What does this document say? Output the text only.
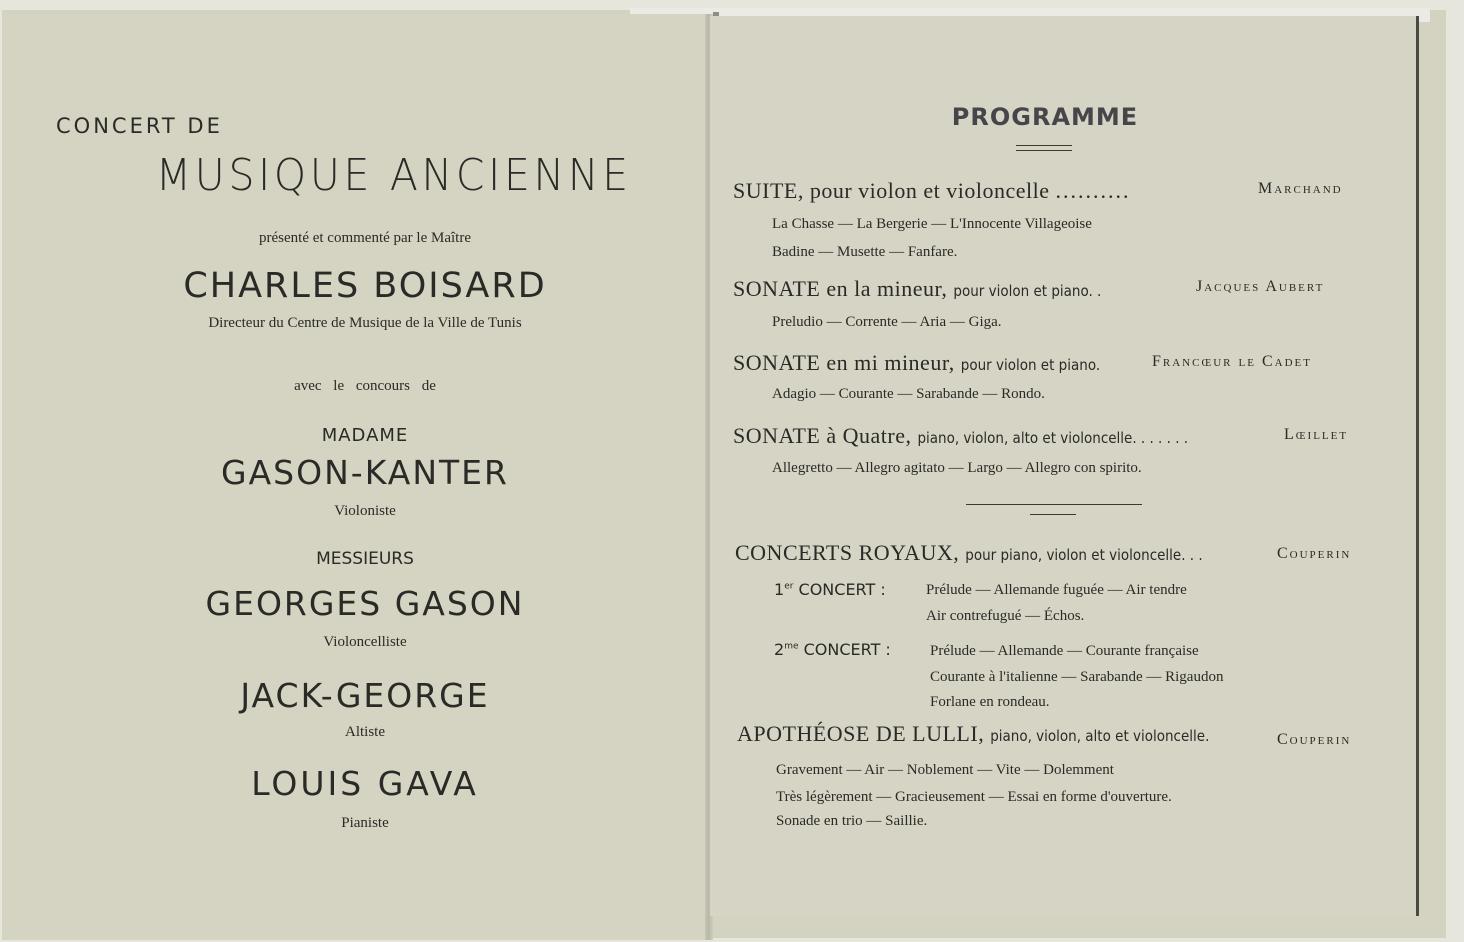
CONCERT DE
MUSIQUE ANCIENNE
présenté et commenté par le Maître
CHARLES BOISARD
Directeur du Centre de Musique de la Ville de Tunis
avec le concours de
MADAME
GASON-KANTER
Violoniste
MESSIEURS
GEORGES GASON
Violoncelliste
JACK-GEORGE
Altiste
LOUIS GAVA
Pianiste
PROGRAMME
SUITE, pour violon et violoncelle ..........	Marchand
La Chasse — La Bergerie — L'Innocente Villageoise
Badine — Musette — Fanfare.
SONATE en la mineur, pour violon et piano. .	Jacques Aubert
Preludio — Corrente — Aria — Giga.
SONATE en mi mineur, pour violon et piano.	Francœur le Cadet
Adagio — Courante — Sarabande — Rondo.
SONATE à Quatre, piano, violon, alto et violoncelle. . . . . . .	Lœillet
Allegretto — Allegro agitato — Largo — Allegro con spirito.
CONCERTS ROYAUX, pour piano, violon et violoncelle. . .	Couperin
1er CONCERT :	Prélude — Allemande fuguée — Air tendre
Air contrefugué — Échos.
$2^{me}$ CONCERT :	Prélude — Allemande — Courante française
Courante à l'italienne — Sarabande — Rigaudon
Forlane en rondeau.
APOTHÉOSE DE LULLI, piano, violon, alto et violoncelle.	Couperin
Gravement — Air — Noblement — Vite — Dolemment
Très légèrement — Gracieusement — Essai en forme d'ouverture.
Sonade en trio — Saillie.
